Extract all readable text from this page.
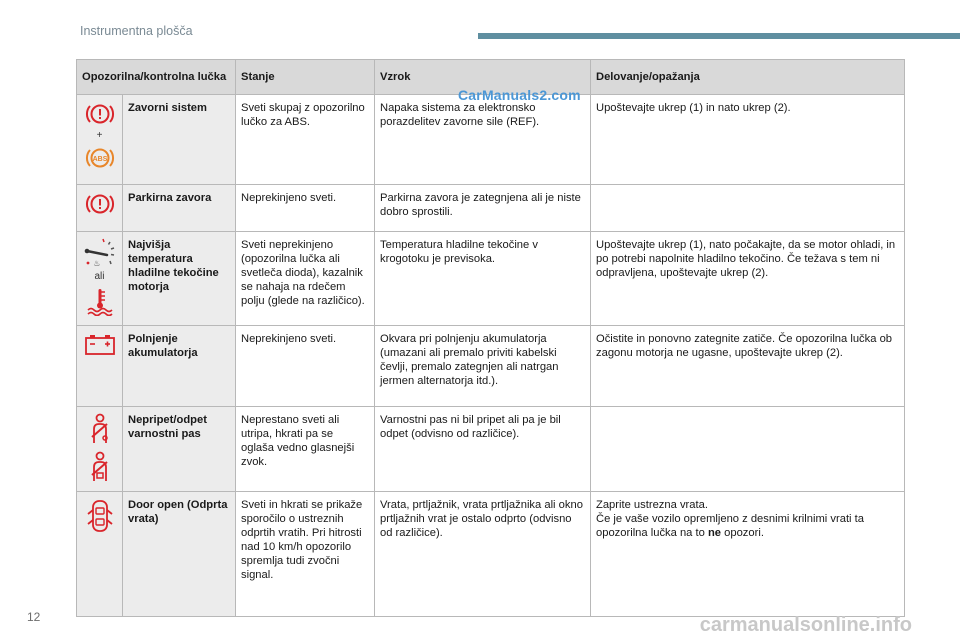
Instrumentna plošča
CarManuals2.com
Opozorilna/kontrolna lučka		Stanje	Vzrok	Delovanje/opažanja

+
ABS	Zavorni sistem	Sveti skupaj z opozorilno lučko za ABS.	Napaka sistema za elektronsko porazdelitev zavorne sile (REF).	Upoštevajte ukrep (1) in nato ukrep (2).

	Parkirna zavora	Neprekinjeno sveti.	Parkirna zavora je zategnjena ali je niste dobro sprostili.	

♨
ali	Najvišja temperatura hladilne tekočine motorja	Sveti neprekinjeno (opozorilna lučka ali svetleča dioda), kazalnik se nahaja na rdečem polju (glede na različico).	Temperatura hladilne tekočine v krogotoku je previsoka.	Upoštevajte ukrep (1), nato počakajte, da se motor ohladi, in po potrebi napolnite hladilno tekočino. Če težava s tem ni odpravljena, upoštevajte ukrep (2).

	Polnjenje akumulatorja	Neprekinjeno sveti.	Okvara pri polnjenju akumulatorja (umazani ali premalo priviti kabelski čevlji, premalo zategnjen ali natrgan jermen alternatorja itd.).	Očistite in ponovno zategnite zatiče. Če opozorilna lučka ob zagonu motorja ne ugasne, upoštevajte ukrep (2).

	Nepripet/odpet varnostni pas	Neprestano sveti ali utripa, hkrati pa se oglaša vedno glasnejši zvok.	Varnostni pas ni bil pripet ali pa je bil odpet (odvisno od različice).	

	Door open (Odprta vrata)	Sveti in hkrati se prikaže sporočilo o ustreznih odprtih vratih. Pri hitrosti nad 10 km/h opozorilo spremlja tudi zvočni signal.	Vrata, prtljažnik, vrata prtljažnika ali okno prtljažnih vrat je ostalo odprto (odvisno od različice).	Zaprite ustrezna vrata.
Če je vaše vozilo opremljeno z desnimi krilnimi vrati ta opozorilna lučka na to ne opozori.
12	carmanualsonline.info
